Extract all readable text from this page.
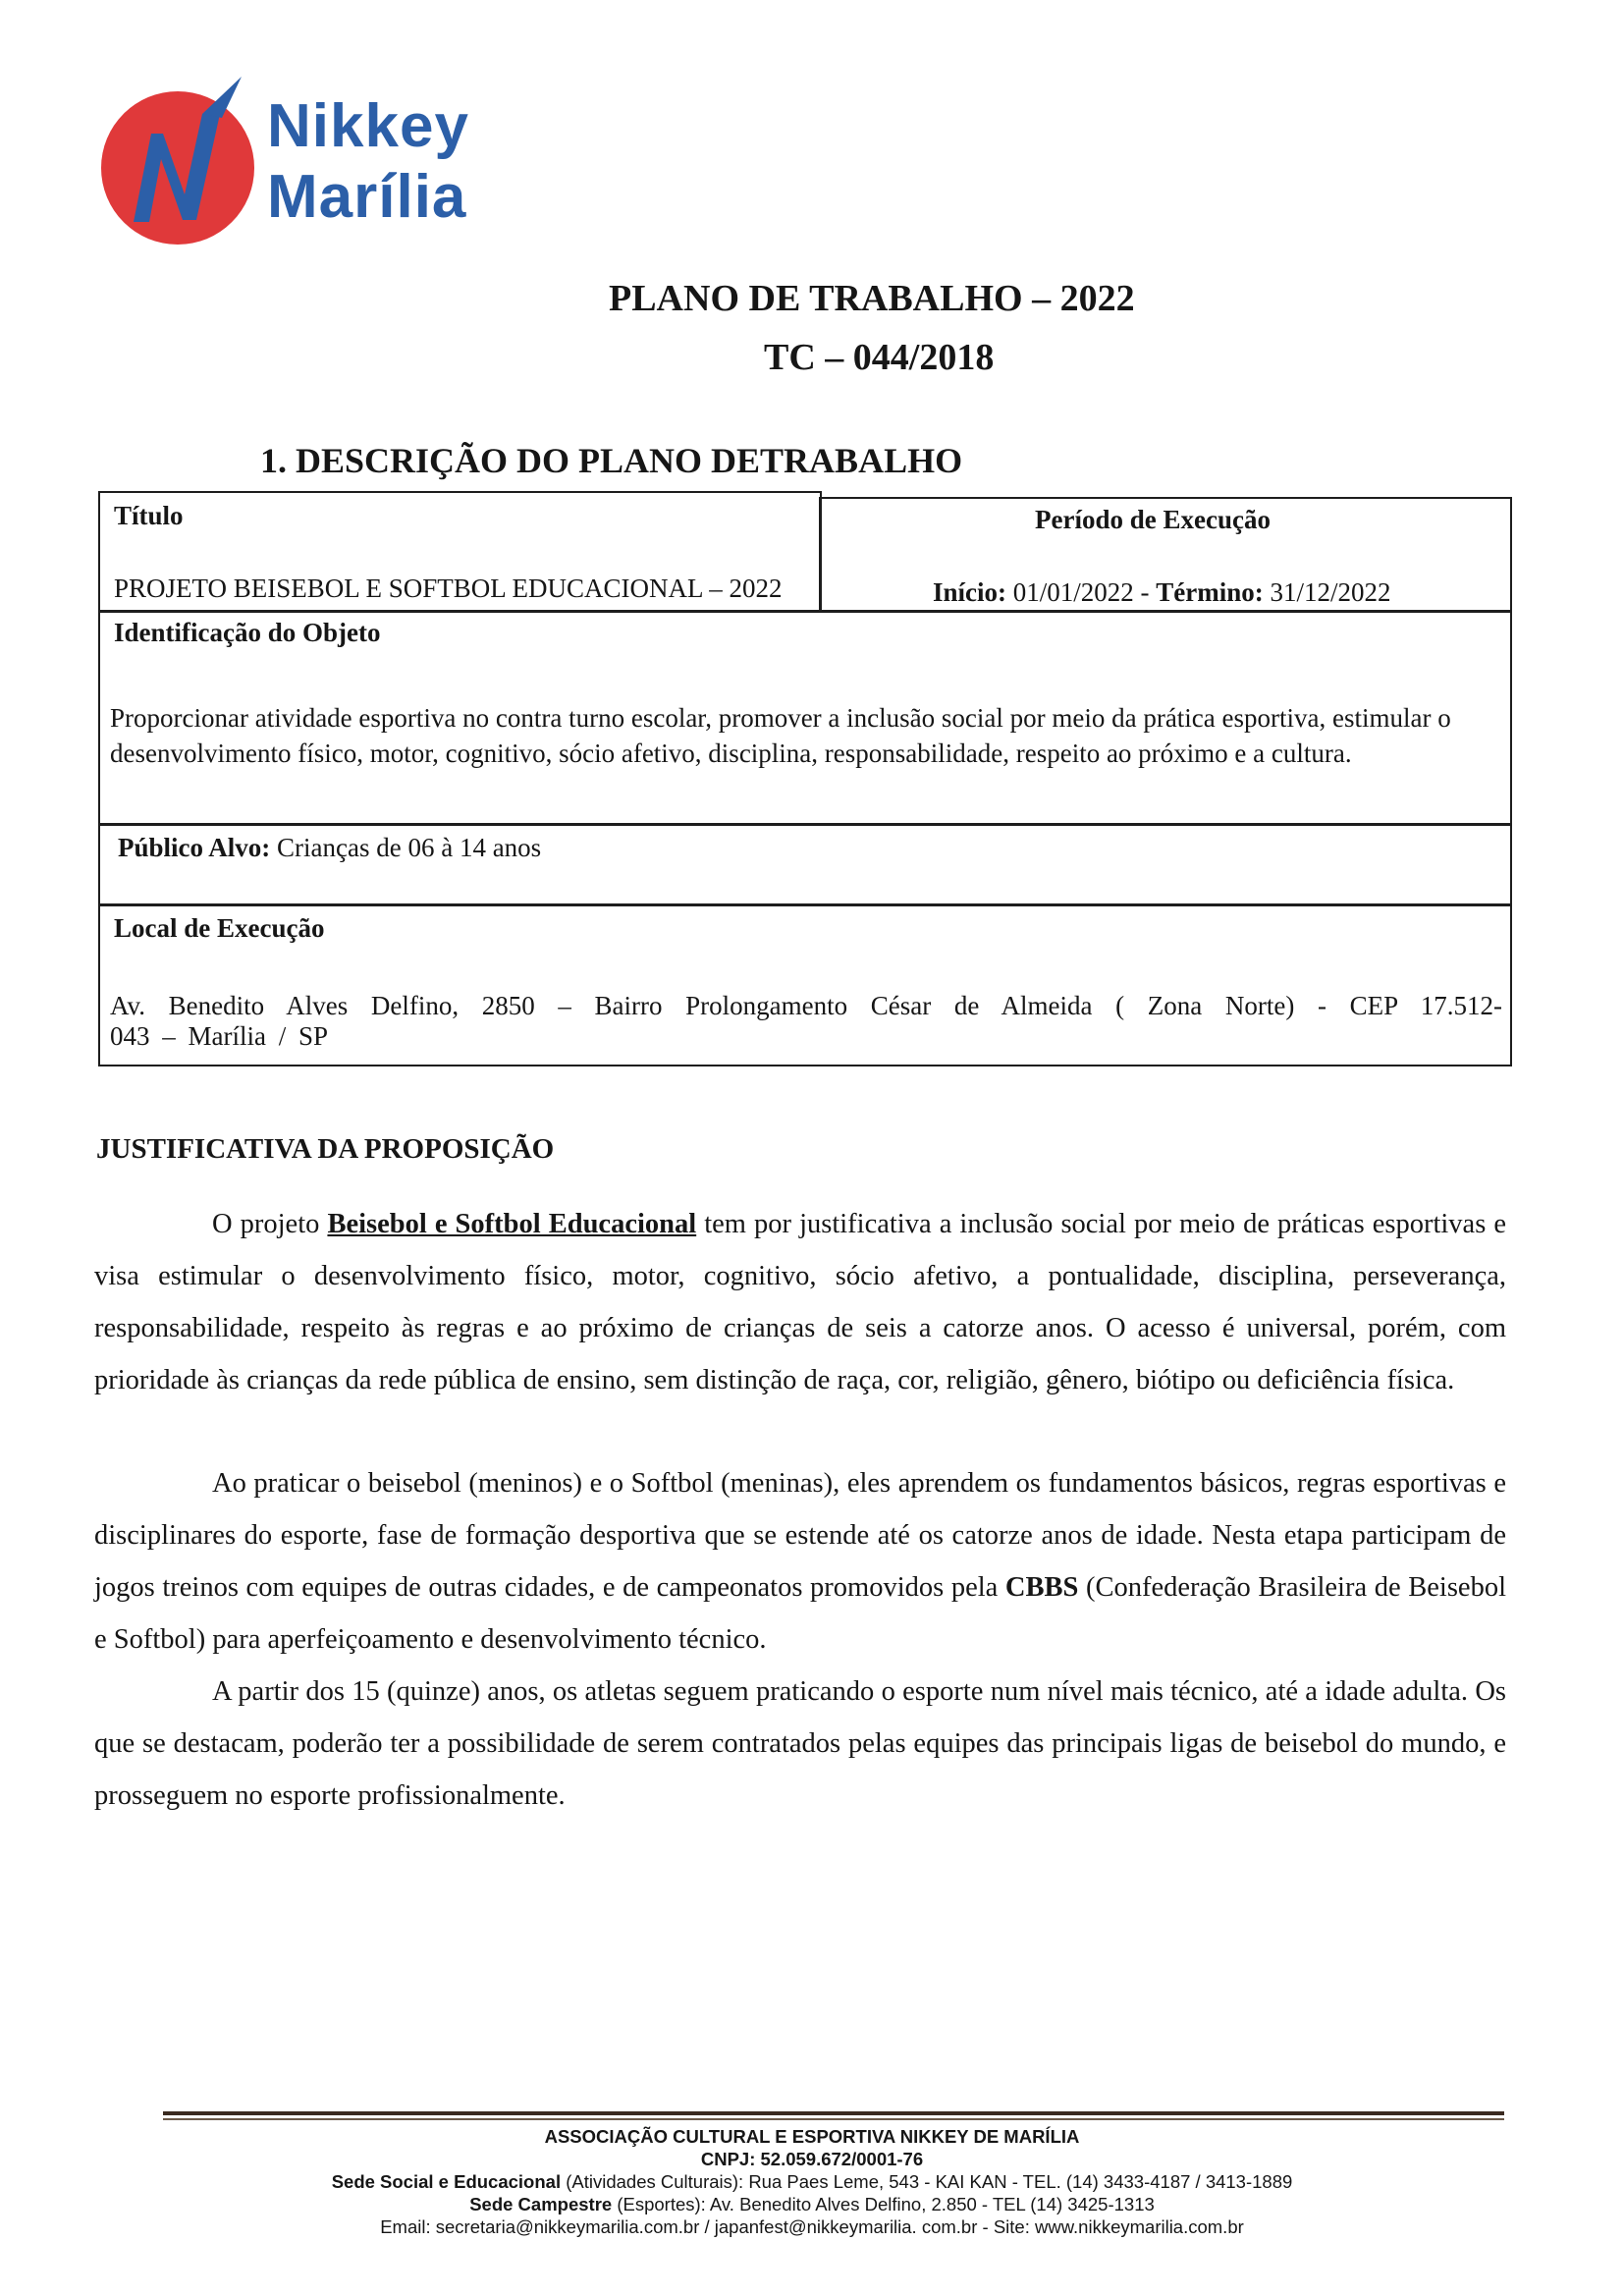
Nikkey
Marília
PLANO DE TRABALHO – 2022
TC – 044/2018
1. DESCRIÇÃO DO PLANO DETRABALHO
Título
PROJETO BEISEBOL E SOFTBOL EDUCACIONAL – 2022
Período de Execução
Início: 01/01/2022 - Término: 31/12/2022
Identificação do Objeto
Proporcionar atividade esportiva no contra turno escolar, promover a inclusão social por meio da prática esportiva, estimular o desenvolvimento físico, motor, cognitivo, sócio afetivo, disciplina, responsabilidade, respeito ao próximo e a cultura.
Público Alvo: Crianças de 06 à 14 anos
Local de Execução
Av. Benedito Alves Delfino, 2850 – Bairro Prolongamento César de Almeida ( Zona Norte) - CEP 17.512-
043 – Marília / SP
JUSTIFICATIVA DA PROPOSIÇÃO
O projeto Beisebol e Softbol Educacional tem por justificativa a inclusão social por meio de práticas esportivas e visa estimular o desenvolvimento físico, motor, cognitivo, sócio afetivo, a pontualidade, disciplina, perseverança, responsabilidade, respeito às regras e ao próximo de crianças de seis a catorze anos. O acesso é universal, porém, com prioridade às crianças da rede pública de ensino, sem distinção de raça, cor, religião, gênero, biótipo ou deficiência física.
Ao praticar o beisebol (meninos) e o Softbol (meninas), eles aprendem os fundamentos básicos, regras esportivas e disciplinares do esporte, fase de formação desportiva que se estende até os catorze anos de idade. Nesta etapa participam de jogos treinos com equipes de outras cidades, e de campeonatos promovidos pela CBBS (Confederação Brasileira de Beisebol e Softbol) para aperfeiçoamento e desenvolvimento técnico.
A partir dos 15 (quinze) anos, os atletas seguem praticando o esporte num nível mais técnico, até a idade adulta. Os que se destacam, poderão ter a possibilidade de serem contratados pelas equipes das principais ligas de beisebol do mundo, e prosseguem no esporte profissionalmente.
ASSOCIAÇÃO CULTURAL E ESPORTIVA NIKKEY DE MARÍLIA
CNPJ: 52.059.672/0001-76
Sede Social e Educacional (Atividades Culturais): Rua Paes Leme, 543 - KAI KAN - TEL. (14) 3433-4187 / 3413-1889
Sede Campestre (Esportes): Av. Benedito Alves Delfino, 2.850 - TEL (14) 3425-1313
Email: secretaria@nikkeymarilia.com.br / japanfest@nikkeymarilia. com.br - Site: www.nikkeymarilia.com.br
